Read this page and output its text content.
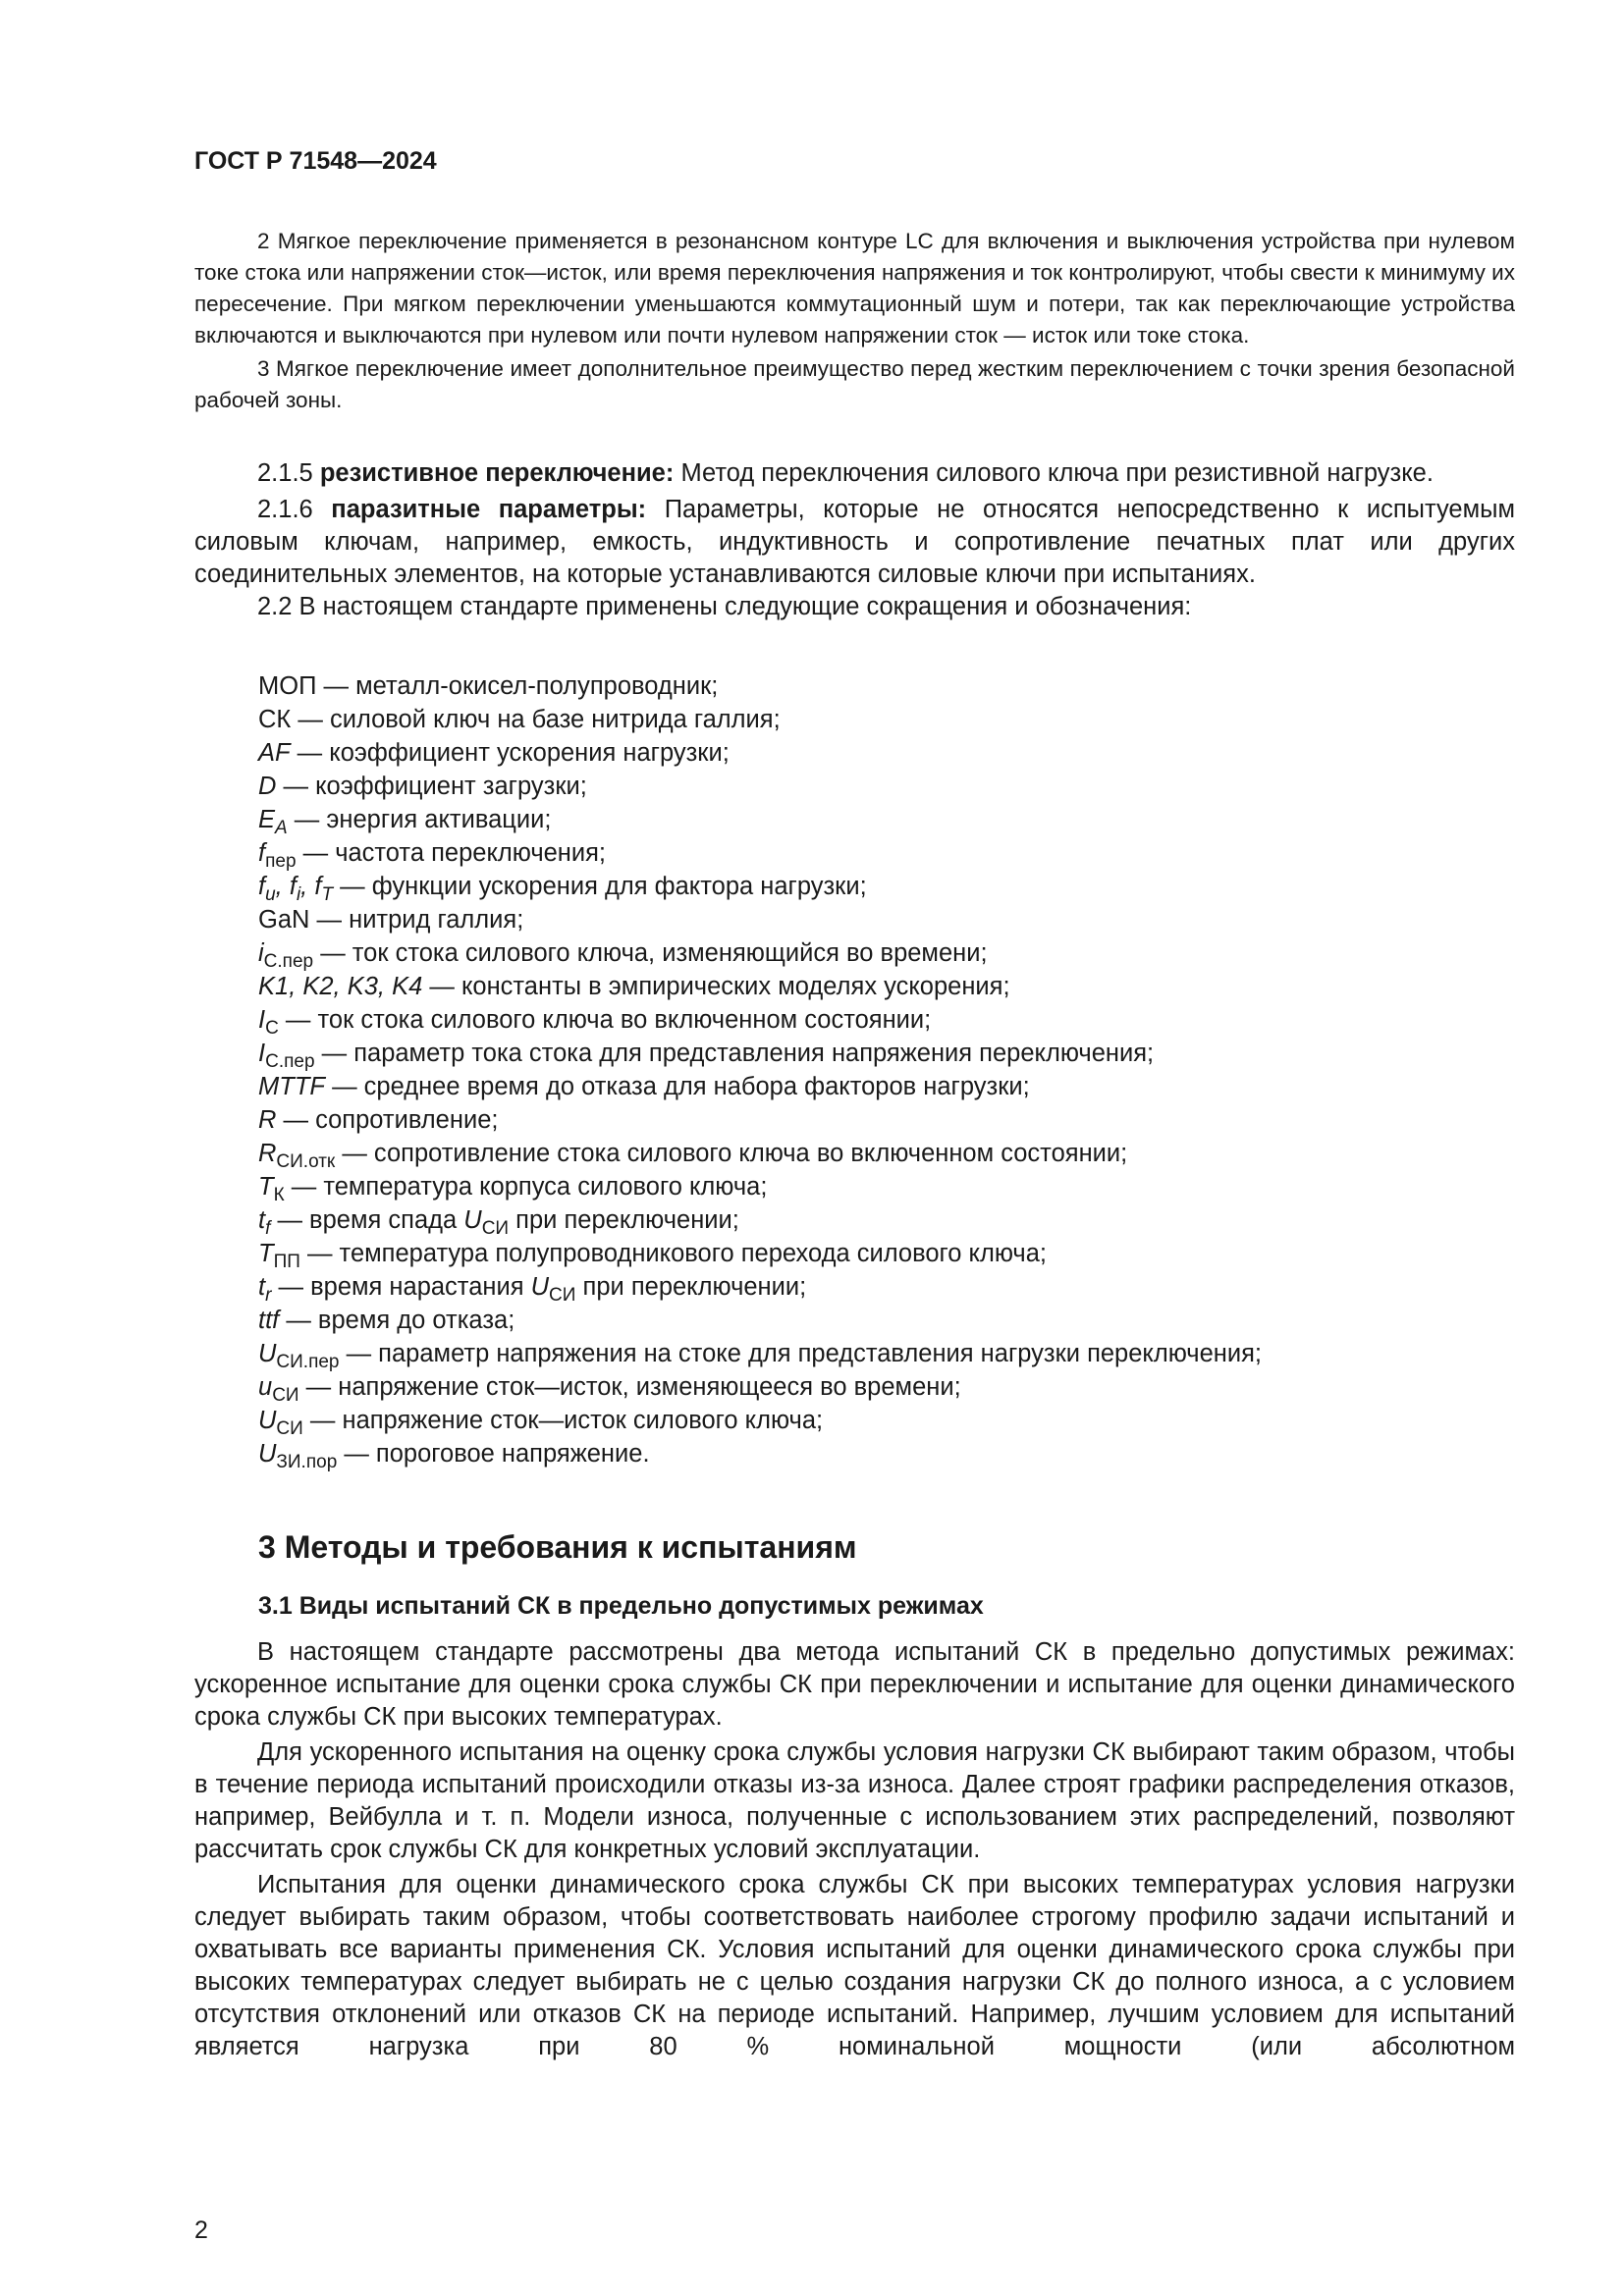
ГОСТ Р 71548—2024

2 Мягкое переключение применяется в резонансном контуре LC для включения и выключения устройства при нулевом токе стока или напряжении сток—исток, или время переключения напряжения и ток контролируют, чтобы свести к минимуму их пересечение. При мягком переключении уменьшаются коммутационный шум и потери, так как переключающие устройства включаются и выключаются при нулевом или почти нулевом напряжении сток — исток или токе стока.

3 Мягкое переключение имеет дополнительное преимущество перед жестким переключением с точки зрения безопасной рабочей зоны.

2.1.5 резистивное переключение: Метод переключения силового ключа при резистивной нагрузке.

2.1.6 паразитные параметры: Параметры, которые не относятся непосредственно к испытуемым силовым ключам, например, емкость, индуктивность и сопротивление печатных плат или других соединительных элементов, на которые устанавливаются силовые ключи при испытаниях.

2.2 В настоящем стандарте применены следующие сокращения и обозначения:

МОП — металл-окисел-полупроводник;
СК — силовой ключ на базе нитрида галлия;
AF — коэффициент ускорения нагрузки;
D — коэффициент загрузки;
$E_A$ — энергия активации;
$f_{пер}$ — частота переключения;
$f_u$, $f_i$, $f_T$ — функции ускорения для фактора нагрузки;
GaN — нитрид галлия;
$i_{С.пер}$ — ток стока силового ключа, изменяющийся во времени;
K1, K2, K3, K4 — константы в эмпирических моделях ускорения;
$I_С$ — ток стока силового ключа во включенном состоянии;
$I_{С.пер}$ — параметр тока стока для представления напряжения переключения;
MTTF — среднее время до отказа для набора факторов нагрузки;
R — сопротивление;
$R_{СИ.отк}$ — сопротивление стока силового ключа во включенном состоянии;
$T_К$ — температура корпуса силового ключа;
$t_f$ — время спада $U_{СИ}$ при переключении;
$T_{ПП}$ — температура полупроводникового перехода силового ключа;
$t_r$ — время нарастания $U_{СИ}$ при переключении;
ttf — время до отказа;
$U_{СИ.пер}$ — параметр напряжения на стоке для представления нагрузки переключения;
$u_{СИ}$ — напряжение сток—исток, изменяющееся во времени;
$U_{СИ}$ — напряжение сток—исток силового ключа;
$U_{ЗИ.пор}$ — пороговое напряжение.
3 Методы и требования к испытаниям
3.1 Виды испытаний СК в предельно допустимых режимах

В настоящем стандарте рассмотрены два метода испытаний СК в предельно допустимых режимах: ускоренное испытание для оценки срока службы СК при переключении и испытание для оценки динамического срока службы СК при высоких температурах.

Для ускоренного испытания на оценку срока службы условия нагрузки СК выбирают таким образом, чтобы в течение периода испытаний происходили отказы из-за износа. Далее строят графики распределения отказов, например, Вейбулла и т. п. Модели износа, полученные с использованием этих распределений, позволяют рассчитать срок службы СК для конкретных условий эксплуатации.

Испытания для оценки динамического срока службы СК при высоких температурах условия нагрузки следует выбирать таким образом, чтобы соответствовать наиболее строгому профилю задачи испытаний и охватывать все варианты применения СК. Условия испытаний для оценки динамического срока службы при высоких температурах следует выбирать не с целью создания нагрузки СК до полного износа, а с условием отсутствия отклонений или отказов СК на периоде испытаний. Например, лучшим условием для испытаний является нагрузка при 80 % номинальной мощности (или абсолютном

2
